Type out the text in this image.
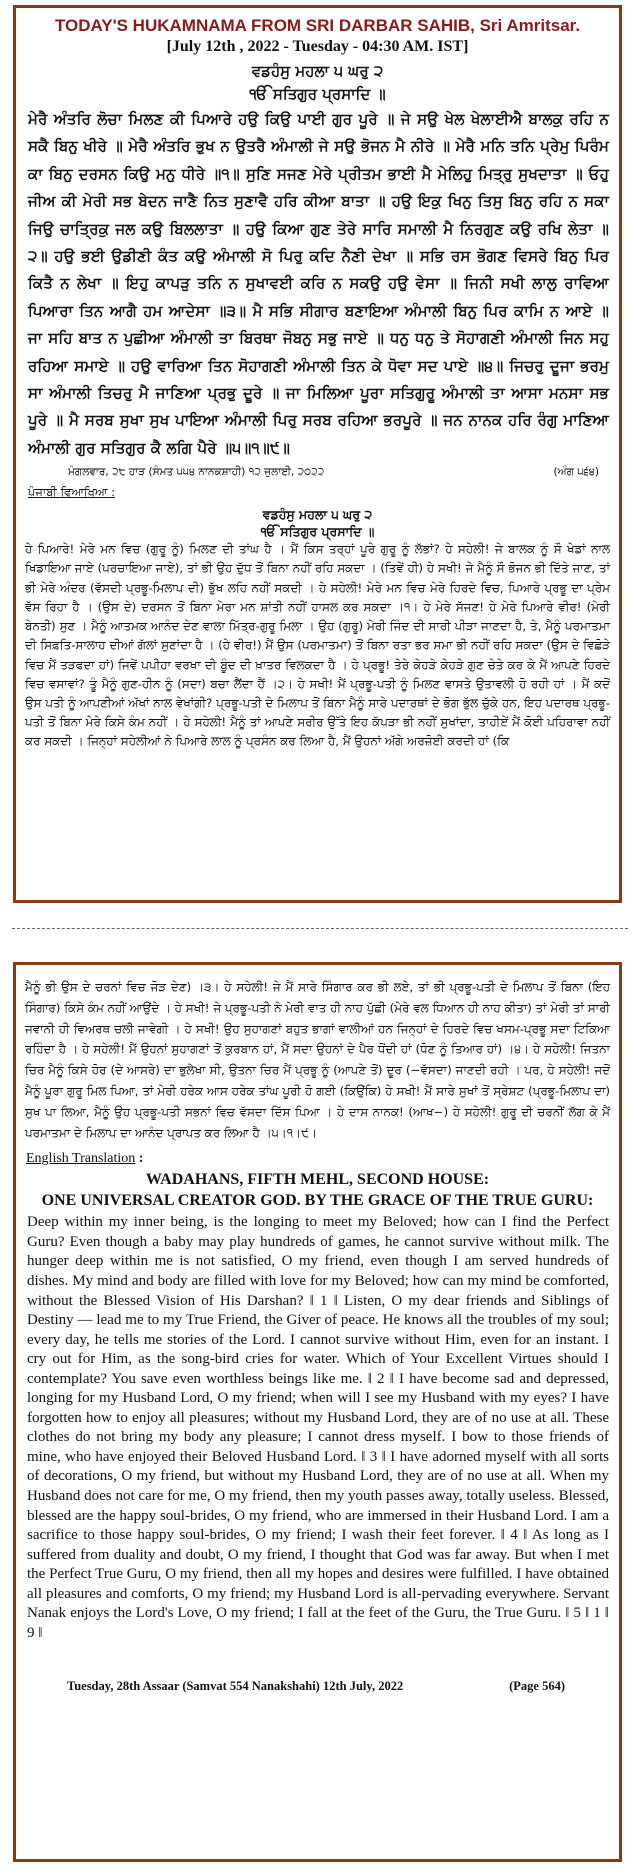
TODAY'S HUKAMNAMA FROM SRI DARBAR SAHIB, Sri Amritsar.
[July 12th , 2022 - Tuesday - 04:30 AM. IST]
ਵਡਹੰਸੁ ਮਹਲਾ ੫ ਘਰੁ ੨
ੴ ਸਤਿਗੁਰ ਪ੍ਰਸਾਦਿ ॥
ਮੇਰੈ ਅੰਤਰਿ ਲੋਚਾ ਮਿਲਣ ਕੀ ਪਿਆਰੇ ਹਉ ਕਿਉ ਪਾਈ ਗੁਰ ਪੂਰੇ ॥ ਜੇ ਸਉ ਖੇਲ ਖੇਲਾਈਐ ਬਾਲਕੁ ਰਹਿ ਨ ਸਕੈ ਬਿਨੁ ਖੀਰੇ ॥ ਮੇਰੈ ਅੰਤਰਿ ਭੁਖ ਨ ਉਤਰੈ ਅੰਮਾਲੀ ਜੇ ਸਉ ਭੋਜਨ ਮੈ ਨੀਰੇ ॥ ਮੇਰੈ ਮਨਿ ਤਨਿ ਪ੍ਰੇਮੁ ਪਿਰੰਮ ਕਾ ਬਿਨੁ ਦਰਸਨ ਕਿਉ ਮਨੁ ਧੀਰੇ ॥੧॥ ਸੁਣਿ ਸਜਣ ਮੇਰੇ ਪ੍ਰੀਤਮ ਭਾਈ ਮੈ ਮੇਲਿਹੁ ਮਿਤ੍ਰੁ ਸੁਖਦਾਤਾ ॥ ਓਹੁ ਜੀਅ ਕੀ ਮੇਰੀ ਸਭ ਬੇਦਨ ਜਾਣੈ ਨਿਤ ਸੁਣਾਵੈ ਹਰਿ ਕੀਆ ਬਾਤਾ ॥ ਹਉ ਇਕੁ ਖਿਨੁ ਤਿਸੁ ਬਿਨੁ ਰਹਿ ਨ ਸਕਾ ਜਿਉ ਚਾਤ੍ਰਿਕੁ ਜਲ ਕਉ ਬਿਲਲਾਤਾ ॥ ਹਉ ਕਿਆ ਗੁਣ ਤੇਰੇ ਸਾਰਿ ਸਮਾਲੀ ਮੈ ਨਿਰਗੁਣ ਕਉ ਰਖਿ ਲੇਤਾ ॥੨॥ ਹਉ ਭਈ ਉਡੀਣੀ ਕੰਤ ਕਉ ਅੰਮਾਲੀ ਸੋ ਪਿਰੁ ਕਦਿ ਨੈਣੀ ਦੇਖਾ ॥ ਸਭਿ ਰਸ ਭੋਗਣ ਵਿਸਰੇ ਬਿਨੁ ਪਿਰ ਕਿਤੈ ਨ ਲੇਖਾ ॥ ਇਹੁ ਕਾਪੜੁ ਤਨਿ ਨ ਸੁਖਾਵਈ ਕਰਿ ਨ ਸਕਉ ਹਉ ਵੇਸਾ ॥ ਜਿਨੀ ਸਖੀ ਲਾਲੁ ਰਾਵਿਆ ਪਿਆਰਾ ਤਿਨ ਆਗੈ ਹਮ ਆਦੇਸਾ ॥੩॥ ਮੈ ਸਭਿ ਸੀਗਾਰ ਬਣਾਇਆ ਅੰਮਾਲੀ ਬਿਨੁ ਪਿਰ ਕਾਮਿ ਨ ਆਏ ॥ ਜਾ ਸਹਿ ਬਾਤ ਨ ਪੁਛੀਆ ਅੰਮਾਲੀ ਤਾ ਬਿਰਥਾ ਜੋਬਨੁ ਸਭੁ ਜਾਏ ॥ ਧਨੁ ਧਨੁ ਤੇ ਸੋਹਾਗਣੀ ਅੰਮਾਲੀ ਜਿਨ ਸਹੁ ਰਹਿਆ ਸਮਾਏ ॥ ਹਉ ਵਾਰਿਆ ਤਿਨ ਸੋਹਾਗਣੀ ਅੰਮਾਲੀ ਤਿਨ ਕੇ ਧੋਵਾ ਸਦ ਪਾਏ ॥੪॥ ਜਿਚਰੁ ਦੂਜਾ ਭਰਮੁ ਸਾ ਅੰਮਾਲੀ ਤਿਚਰੁ ਮੈ ਜਾਣਿਆ ਪ੍ਰਭੁ ਦੂਰੇ ॥ ਜਾ ਮਿਲਿਆ ਪੂਰਾ ਸਤਿਗੁਰੂ ਅੰਮਾਲੀ ਤਾ ਆਸਾ ਮਨਸਾ ਸਭ ਪੂਰੇ ॥ ਮੈ ਸਰਬ ਸੁਖਾ ਸੁਖ ਪਾਇਆ ਅੰਮਾਲੀ ਪਿਰੁ ਸਰਬ ਰਹਿਆ ਭਰਪੂਰੇ ॥ ਜਨ ਨਾਨਕ ਹਰਿ ਰੰਗੁ ਮਾਣਿਆ ਅੰਮਾਲੀ ਗੁਰ ਸਤਿਗੁਰ ਕੈ ਲਗਿ ਪੈਰੇ ॥੫॥੧॥੯॥
ਮੰਗਲਵਾਰ, ੨੮ ਹਾੜ (ਸੰਮਤ ੫੫੪ ਨਾਨਕਸ਼ਾਹੀ) ੧੨ ਜੁਲਾਈ, ੨੦੨੨	(ਅੰਗ ੫੬੪)
ਪੰਜਾਬੀ ਵਿਆਖਿਆ :
ਵਡਹੰਸੁ ਮਹਲਾ ੫ ਘਰੁ ੨
ੴ ਸਤਿਗੁਰ ਪ੍ਰਸਾਦਿ ॥
ਹੇ ਪਿਆਰੇ! ਮੇਰੇ ਮਨ ਵਿਚ (ਗੁਰੂ ਨੂੰ) ਮਿਲਣ ਦੀ ਤਾਂਘ ਹੈ । ਮੈਂ ਕਿਸ ਤਰ੍ਹਾਂ ਪੂਰੇ ਗੁਰੂ ਨੂੰ ਲੱਭਾਂ? ਹੇ ਸਹੇਲੀ! ਜੇ ਬਾਲਕ ਨੂੰ ਸੌ ਖੇਡਾਂ ਨਾਲ ਖਿਡਾਇਆ ਜਾਏ (ਪਰਚਾਇਆ ਜਾਏ), ਤਾਂ ਭੀ ਉਹ ਦੁੱਧ ਤੋਂ ਬਿਨਾ ਨਹੀਂ ਰਹਿ ਸਕਦਾ । (ਤਿਵੇਂ ਹੀ) ਹੇ ਸਖੀ! ਜੇ ਮੈਨੂੰ ਸੌ ਭੋਜਨ ਭੀ ਦਿੱਤੇ ਜਾਣ, ਤਾਂ ਭੀ ਮੇਰੇ ਅੰਦਰ (ਵੱਸਦੀ ਪ੍ਰਭੂ-ਮਿਲਾਪ ਦੀ) ਭੁੱਖ ਲਹਿ ਨਹੀਂ ਸਕਦੀ । ਹੇ ਸਹੇਲੀ! ਮੇਰੇ ਮਨ ਵਿਚ ਮੇਰੇ ਹਿਰਦੇ ਵਿਚ, ਪਿਆਰੇ ਪ੍ਰਭੂ ਦਾ ਪ੍ਰੇਮ ਵੱਸ ਰਿਹਾ ਹੈ । (ਉਸ ਦੇ) ਦਰਸਨ ਤੋਂ ਬਿਨਾ ਮੇਰਾ ਮਨ ਸ਼ਾਂਤੀ ਨਹੀਂ ਹਾਸਲ ਕਰ ਸਕਦਾ ।੧। ਹੇ ਮੇਰੇ ਸੱਜਣ! ਹੇ ਮੇਰੇ ਪਿਆਰੇ ਵੀਰ! (ਮੇਰੀ ਬੇਨਤੀ) ਸੁਣ । ਮੈਨੂੰ ਆਤਮਕ ਆਨੰਦ ਦੇਣ ਵਾਲਾ ਮਿੱਤ੍ਰ-ਗੁਰੂ ਮਿਲਾ । ਉਹ (ਗੁਰੂ) ਮੇਰੀ ਜਿੰਦ ਦੀ ਸਾਰੀ ਪੀੜਾ ਜਾਣਦਾ ਹੈ, ਤੇ, ਮੈਨੂੰ ਪਰਮਾਤਮਾ ਦੀ ਸਿਫ਼ਤਿ-ਸਾਲਾਹ ਦੀਆਂ ਗੱਲਾਂ ਸੁਣਾਂਦਾ ਹੈ । (ਹੇ ਵੀਰ!) ਮੈਂ ਉਸ (ਪਰਮਾਤਮਾ) ਤੋਂ ਬਿਨਾ ਰਤਾ ਭਰ ਸਮਾ ਭੀ ਨਹੀਂ ਰਹਿ ਸਕਦਾ (ਉਸ ਦੇ ਵਿਛੋੜੇ ਵਿਚ ਮੈਂ ਤੜਫਦਾ ਹਾਂ) ਜਿਵੇਂ ਪਪੀਹਾ ਵਰਖਾ ਦੀ ਬੂੰਦ ਦੀ ਖ਼ਾਤਰ ਵਿਲਕਦਾ ਹੈ । ਹੇ ਪ੍ਰਭੂ! ਤੇਰੇ ਕੇਹੜੇ ਕੇਹੜੇ ਗੁਣ ਚੇਤੇ ਕਰ ਕੇ ਮੈਂ ਆਪਣੇ ਹਿਰਦੇ ਵਿਚ ਵਸਾਵਾਂ? ਤੂੰ ਮੈਨੂੰ ਗੁਣ-ਹੀਨ ਨੂੰ (ਸਦਾ) ਬਚਾ ਲੈਂਦਾ ਹੈਂ ।੨। ਹੇ ਸਖੀ! ਮੈਂ ਪ੍ਰਭੂ-ਪਤੀ ਨੂੰ ਮਿਲਣ ਵਾਸਤੇ ਉਤਾਵਲੀ ਹੋ ਰਹੀ ਹਾਂ । ਮੈਂ ਕਦੋਂ ਉਸ ਪਤੀ ਨੂੰ ਆਪਣੀਆਂ ਅੱਖਾਂ ਨਾਲ ਵੇਖਾਂਗੀ? ਪ੍ਰਭੂ-ਪਤੀ ਦੇ ਮਿਲਾਪ ਤੋਂ ਬਿਨਾ ਮੈਨੂੰ ਸਾਰੇ ਪਦਾਰਥਾਂ ਦੇ ਭੋਗ ਭੁੱਲ ਚੁੱਕੇ ਹਨ, ਇਹ ਪਦਾਰਥ ਪ੍ਰਭੂ-ਪਤੀ ਤੋਂ ਬਿਨਾ ਮੇਰੇ ਕਿਸੇ ਕੰਮ ਨਹੀਂ । ਹੇ ਸਹੇਲੀ! ਮੈਨੂੰ ਤਾਂ ਆਪਣੇ ਸਰੀਰ ਉੱਤੇ ਇਹ ਕੱਪੜਾ ਭੀ ਨਹੀਂ ਸੁਖਾਂਦਾ, ਤਾਹੀਏਂ ਮੈਂ ਕੋਈ ਪਹਿਰਾਵਾ ਨਹੀਂ ਕਰ ਸਕਦੀ । ਜਿਨ੍ਹਾਂ ਸਹੇਲੀਆਂ ਨੇ ਪਿਆਰੇ ਲਾਲ ਨੂੰ ਪ੍ਰਸੰਨ ਕਰ ਲਿਆ ਹੈ, ਮੈਂ ਉਹਨਾਂ ਅੱਗੇ ਅਰਜ਼ੋਈ ਕਰਦੀ ਹਾਂ (ਕਿ
ਮੈਨੂੰ ਭੀ ਉਸ ਦੇ ਚਰਨਾਂ ਵਿਚ ਜੋੜ ਦੇਣ) ।੩। ਹੇ ਸਹੇਲੀ! ਜੇ ਮੈਂ ਸਾਰੇ ਸਿੰਗਾਰ ਕਰ ਭੀ ਲਏ, ਤਾਂ ਭੀ ਪ੍ਰਭੂ-ਪਤੀ ਦੇ ਮਿਲਾਪ ਤੋਂ ਬਿਨਾ (ਇਹ ਸਿੰਗਾਰ) ਕਿਸੇ ਕੰਮ ਨਹੀਂ ਆਉਂਦੇ । ਹੇ ਸਖੀ! ਜੇ ਪ੍ਰਭੂ-ਪਤੀ ਨੇ ਮੇਰੀ ਵਾਤ ਹੀ ਨਾਹ ਪੁੱਛੀ (ਮੇਰੇ ਵਲ ਧਿਆਨ ਹੀ ਨਾਹ ਕੀਤਾ) ਤਾਂ ਮੇਰੀ ਤਾਂ ਸਾਰੀ ਜਵਾਨੀ ਹੀ ਵਿਅਰਥ ਚਲੀ ਜਾਵੇਗੀ । ਹੇ ਸਖੀ! ਉਹ ਸੁਹਾਗਣਾਂ ਬਹੁਤ ਭਾਗਾਂ ਵਾਲੀਆਂ ਹਨ ਜਿਨ੍ਹਾਂ ਦੇ ਹਿਰਦੇ ਵਿਚ ਖਸਮ-ਪ੍ਰਭੂ ਸਦਾ ਟਿਕਿਆ ਰਹਿੰਦਾ ਹੈ । ਹੇ ਸਹੇਲੀ! ਮੈਂ ਉਹਨਾਂ ਸੁਹਾਗਣਾਂ ਤੋਂ ਕੁਰਬਾਨ ਹਾਂ, ਮੈਂ ਸਦਾ ਉਹਨਾਂ ਦੇ ਪੈਰ ਧੋਂਦੀ ਹਾਂ (ਧੋਣ ਨੂੰ ਤਿਆਰ ਹਾਂ) ।੪। ਹੇ ਸਹੇਲੀ! ਜਿਤਨਾ ਚਿਰ ਮੈਨੂੰ ਕਿਸੇ ਹੋਰ (ਦੇ ਆਸਰੇ) ਦਾ ਭੁਲੇਖਾ ਸੀ, ਉਤਨਾ ਚਿਰ ਮੈਂ ਪ੍ਰਭੂ ਨੂੰ (ਆਪਣੇ ਤੋਂ) ਦੂਰ (−ਵੱਸਦਾ) ਜਾਣਦੀ ਰਹੀ । ਪਰ, ਹੇ ਸਹੇਲੀ! ਜਦੋਂ ਮੈਨੂੰ ਪੂਰਾ ਗੁਰੂ ਮਿਲ ਪਿਆ, ਤਾਂ ਮੇਰੀ ਹਰੇਕ ਆਸ ਹਰੇਕ ਤਾਂਘ ਪੂਰੀ ਹੋ ਗਈ (ਕਿਉਂਕਿ) ਹੇ ਸਖੀ! ਮੈਂ ਸਾਰੇ ਸੁਖਾਂ ਤੋਂ ਸ੍ਰੇਸ਼ਟ (ਪ੍ਰਭੂ-ਮਿਲਾਪ ਦਾ) ਸੁਖ ਪਾ ਲਿਆ, ਮੈਨੂੰ ਉਹ ਪ੍ਰਭੂ-ਪਤੀ ਸਭਨਾਂ ਵਿਚ ਵੱਸਦਾ ਦਿੱਸ ਪਿਆ । ਹੇ ਦਾਸ ਨਾਨਕ! (ਆਖ−) ਹੇ ਸਹੇਲੀ! ਗੁਰੂ ਦੀ ਚਰਨੀਂ ਲੱਗ ਕੇ ਮੈਂ ਪਰਮਾਤਮਾ ਦੇ ਮਿਲਾਪ ਦਾ ਆਨੰਦ ਪ੍ਰਾਪਤ ਕਰ ਲਿਆ ਹੈ ।੫।੧।੯।
English Translation :
WADAHANS, FIFTH MEHL, SECOND HOUSE:
ONE UNIVERSAL CREATOR GOD. BY THE GRACE OF THE TRUE GURU:
Deep within my inner being, is the longing to meet my Beloved; how can I find the Perfect Guru? Even though a baby may play hundreds of games, he cannot survive without milk. The hunger deep within me is not satisfied, O my friend, even though I am served hundreds of dishes. My mind and body are filled with love for my Beloved; how can my mind be comforted, without the Blessed Vision of His Darshan? ‖ 1 ‖ Listen, O my dear friends and Siblings of Destiny — lead me to my True Friend, the Giver of peace. He knows all the troubles of my soul; every day, he tells me stories of the Lord. I cannot survive without Him, even for an instant. I cry out for Him, as the song-bird cries for water. Which of Your Excellent Virtues should I contemplate? You save even worthless beings like me. ‖ 2 ‖ I have become sad and depressed, longing for my Husband Lord, O my friend; when will I see my Husband with my eyes? I have forgotten how to enjoy all pleasures; without my Husband Lord, they are of no use at all. These clothes do not bring my body any pleasure; I cannot dress myself. I bow to those friends of mine, who have enjoyed their Beloved Husband Lord. ‖ 3 ‖ I have adorned myself with all sorts of decorations, O my friend, but without my Husband Lord, they are of no use at all. When my Husband does not care for me, O my friend, then my youth passes away, totally useless. Blessed, blessed are the happy soul-brides, O my friend, who are immersed in their Husband Lord. I am a sacrifice to those happy soul-brides, O my friend; I wash their feet forever. ‖ 4 ‖ As long as I suffered from duality and doubt, O my friend, I thought that God was far away. But when I met the Perfect True Guru, O my friend, then all my hopes and desires were fulfilled. I have obtained all pleasures and comforts, O my friend; my Husband Lord is all-pervading everywhere. Servant Nanak enjoys the Lord's Love, O my friend; I fall at the feet of the Guru, the True Guru. ‖ 5 ‖ 1 ‖ 9 ‖
Tuesday, 28th Assaar (Samvat 554 Nanakshahi) 12th July, 2022	(Page 564)
